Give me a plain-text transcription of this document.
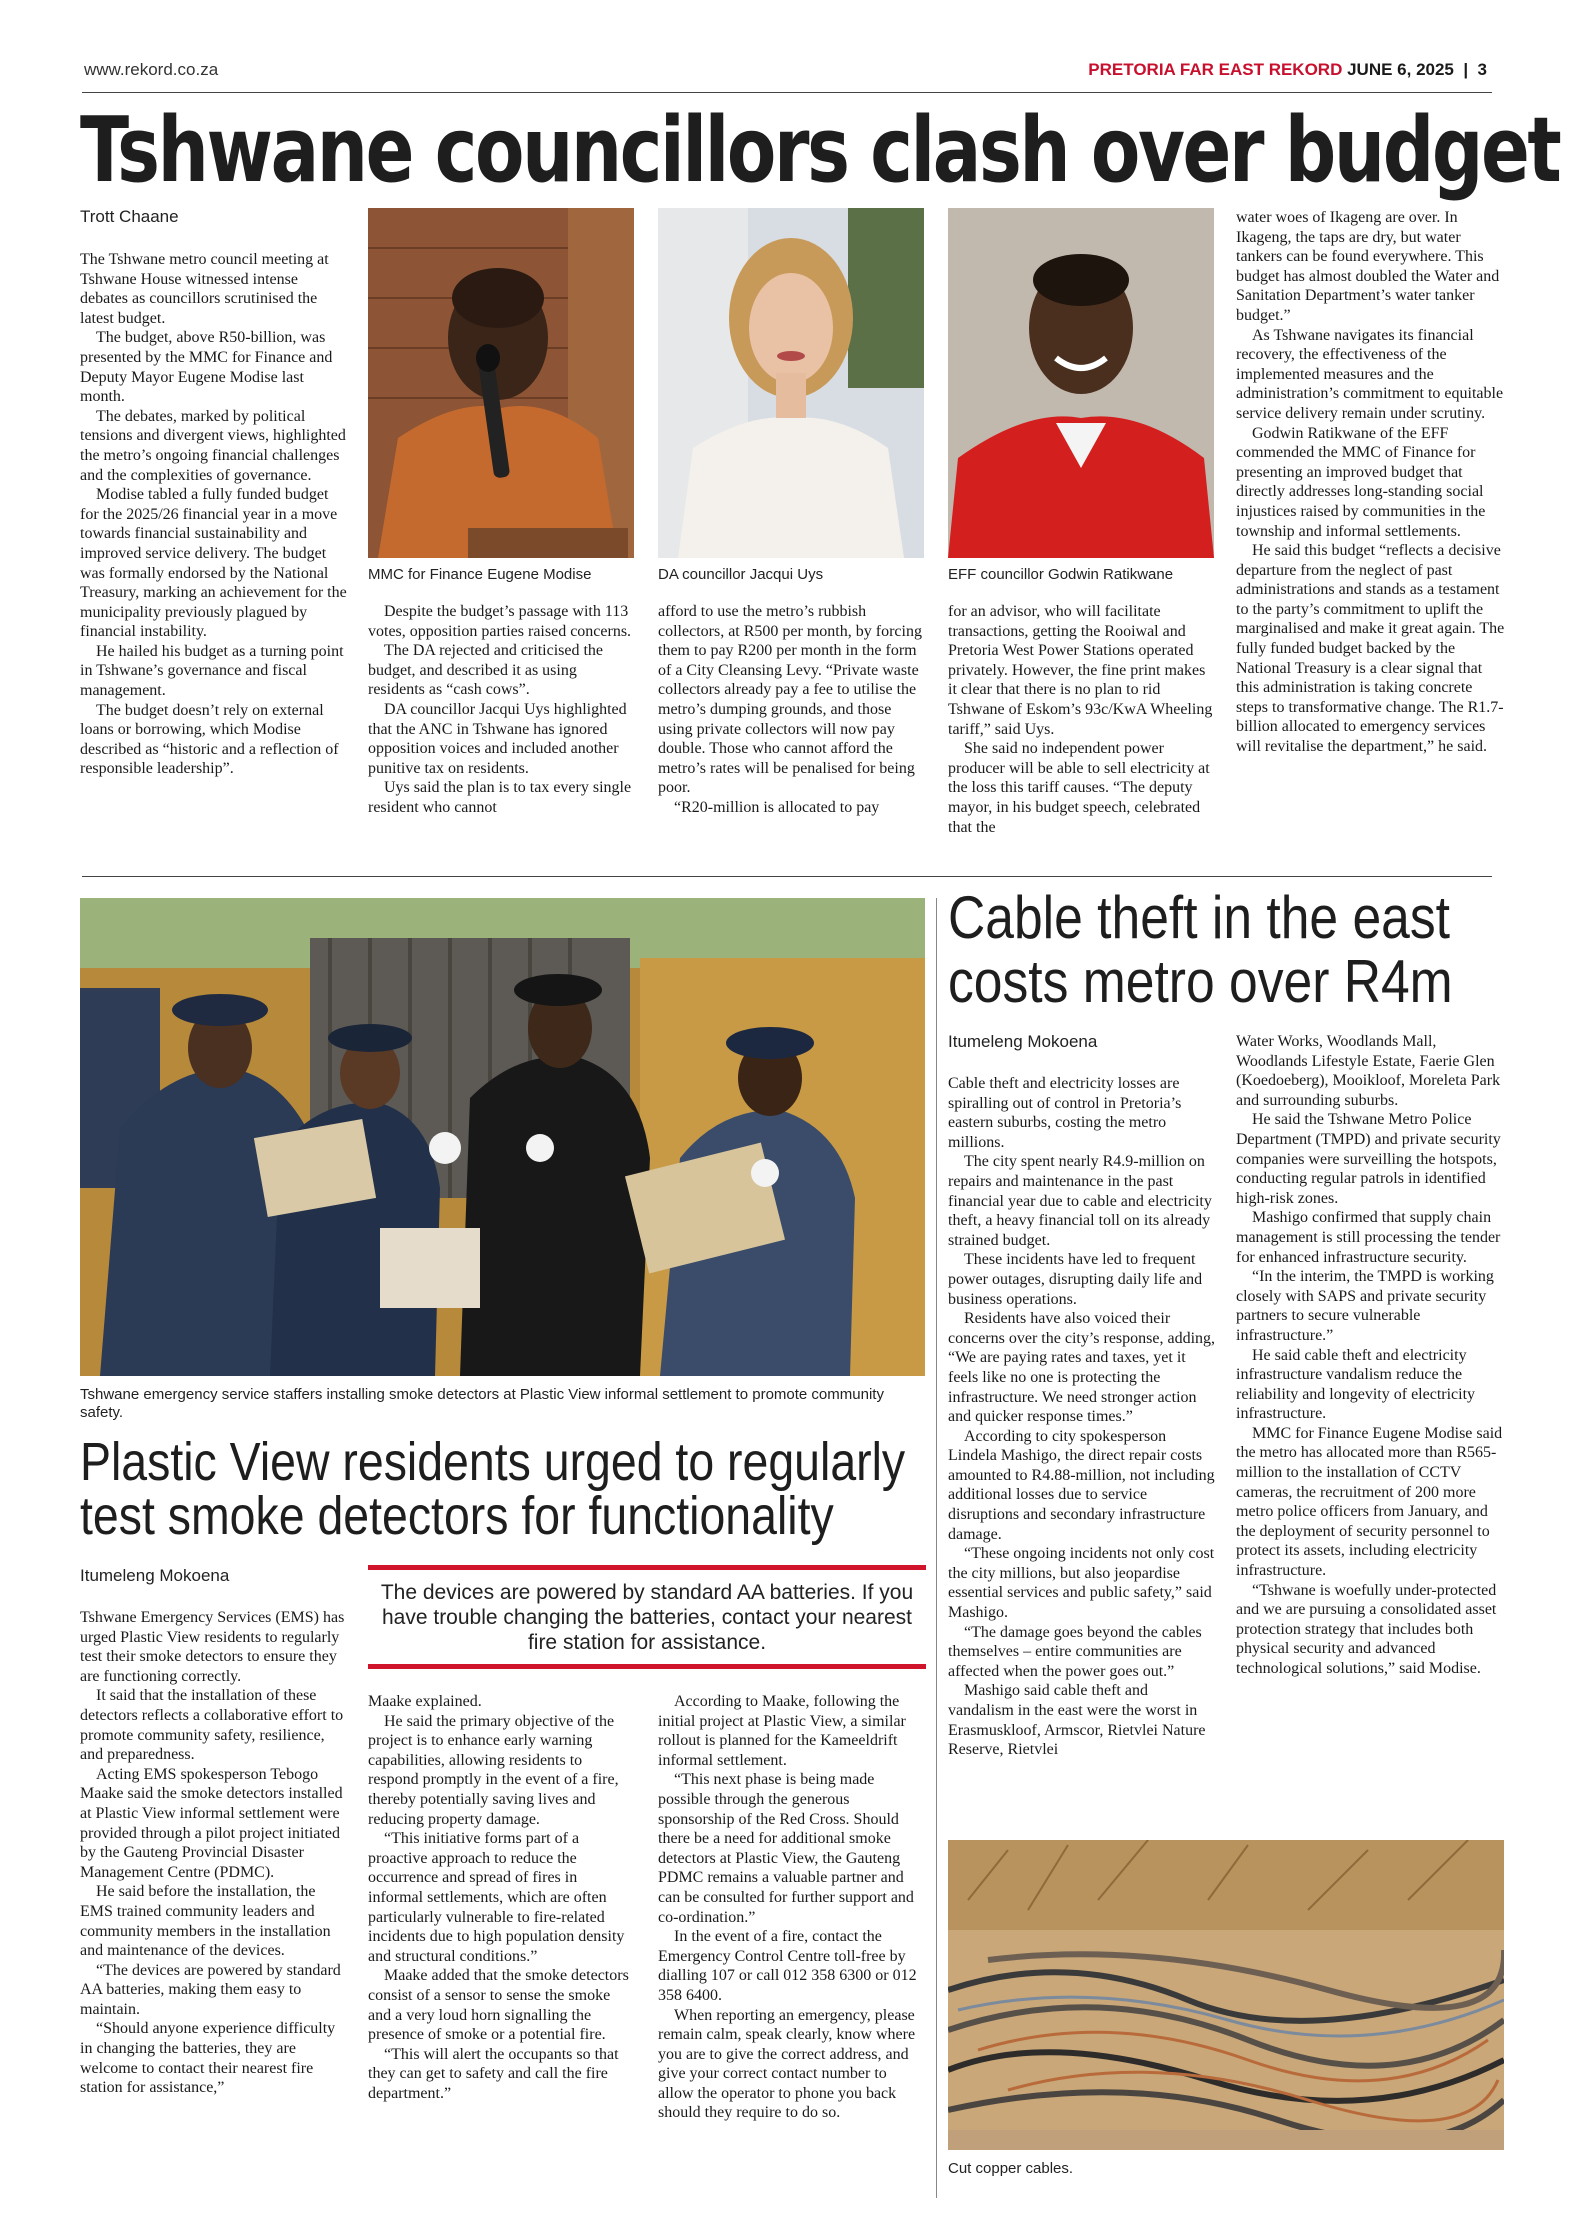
www.rekord.co.za	PRETORIA FAR EAST REKORD JUNE 6, 2025  |  3
Tshwane councillors clash over budget
Trott Chaane

The Tshwane metro council meeting at Tshwane House witnessed intense debates as councillors scrutinised the latest budget.

The budget, above R50-billion, was presented by the MMC for Finance and Deputy Mayor Eugene Modise last month.

The debates, marked by political tensions and divergent views, highlighted the metro’s ongoing financial challenges and the complexities of governance.

Modise tabled a fully funded budget for the 2025/26 financial year in a move towards financial sustainability and improved service delivery. The budget was formally endorsed by the National Treasury, marking an achievement for the municipality previously plagued by financial instability.

He hailed his budget as a turning point in Tshwane’s governance and fiscal management.

The budget doesn’t rely on external loans or borrowing, which Modise described as “historic and a reflection of responsible leadership”.

MMC for Finance Eugene Modise	DA councillor Jacqui Uys	EFF councillor Godwin Ratikwane

Despite the budget’s passage with 113 votes, opposition parties raised concerns.

The DA rejected and criticised the budget, and described it as using residents as “cash cows”.

DA councillor Jacqui Uys highlighted that the ANC in Tshwane has ignored opposition voices and included another punitive tax on residents.

Uys said the plan is to tax every single resident who cannot

afford to use the metro’s rubbish collectors, at R500 per month, by forcing them to pay R200 per month in the form of a City Cleansing Levy. “Private waste collectors already pay a fee to utilise the metro’s dumping grounds, and those using private collectors will now pay double. Those who cannot afford the metro’s rates will be penalised for being poor.

“R20-million is allocated to pay

for an advisor, who will facilitate transactions, getting the Rooiwal and Pretoria West Power Stations operated privately. However, the fine print makes it clear that there is no plan to rid Tshwane of Eskom’s 93c/KwA Wheeling tariff,” said Uys.

She said no independent power producer will be able to sell electricity at the loss this tariff causes. “The deputy mayor, in his budget speech, celebrated that the

water woes of Ikageng are over. In Ikageng, the taps are dry, but water tankers can be found everywhere. This budget has almost doubled the Water and Sanitation Department’s water tanker budget.”

As Tshwane navigates its financial recovery, the effectiveness of the implemented measures and the administration’s commitment to equitable service delivery remain under scrutiny.

Godwin Ratikwane of the EFF commended the MMC of Finance for presenting an improved budget that directly addresses long-standing social injustices raised by communities in the township and informal settlements.

He said this budget “reflects a decisive departure from the neglect of past administrations and stands as a testament to the party’s commitment to uplift the marginalised and make it great again. The fully funded budget backed by the National Treasury is a clear signal that this administration is taking concrete steps to transformative change. The R1.7-billion allocated to emergency services will revitalise the department,” he said.

Tshwane emergency service staffers installing smoke detectors at Plastic View informal settlement to promote community safety.
Plastic View residents urged to regularly
test smoke detectors for functionality
Itumeleng Mokoena

Tshwane Emergency Services (EMS) has urged Plastic View residents to regularly test their smoke detectors to ensure they are functioning correctly.

It said that the installation of these detectors reflects a collaborative effort to promote community safety, resilience, and preparedness.

Acting EMS spokesperson Tebogo Maake said the smoke detectors installed at Plastic View informal settlement were provided through a pilot project initiated by the Gauteng Provincial Disaster Management Centre (PDMC).

He said before the installation, the EMS trained community leaders and community members in the installation and maintenance of the devices.

“The devices are powered by standard AA batteries, making them easy to maintain.

“Should anyone experience difficulty in changing the batteries, they are welcome to contact their nearest fire station for assistance,”

The devices are powered by standard AA batteries. If you have trouble changing the batteries, contact your nearest fire station for assistance.

Maake explained.

He said the primary objective of the project is to enhance early warning capabilities, allowing residents to respond promptly in the event of a fire, thereby potentially saving lives and reducing property damage.

“This initiative forms part of a proactive approach to reduce the occurrence and spread of fires in informal settlements, which are often particularly vulnerable to fire-related incidents due to high population density and structural conditions.”

Maake added that the smoke detectors consist of a sensor to sense the smoke and a very loud horn signalling the presence of smoke or a potential fire.

“This will alert the occupants so that they can get to safety and call the fire department.”

According to Maake, following the initial project at Plastic View, a similar rollout is planned for the Kameeldrift informal settlement.

“This next phase is being made possible through the generous sponsorship of the Red Cross. Should there be a need for additional smoke detectors at Plastic View, the Gauteng PDMC remains a valuable partner and can be consulted for further support and co-ordination.”

In the event of a fire, contact the Emergency Control Centre toll-free by dialling 107 or call 012 358 6300 or 012 358 6400.

When reporting an emergency, please remain calm, speak clearly, know where you are to give the correct address, and give your correct contact number to allow the operator to phone you back should they require to do so.

Cable theft in the east
costs metro over R4m
Itumeleng Mokoena

Cable theft and electricity losses are spiralling out of control in Pretoria’s eastern suburbs, costing the metro millions.

The city spent nearly R4.9-million on repairs and maintenance in the past financial year due to cable and electricity theft, a heavy financial toll on its already strained budget.

These incidents have led to frequent power outages, disrupting daily life and business operations.

Residents have also voiced their concerns over the city’s response, adding, “We are paying rates and taxes, yet it feels like no one is protecting the infrastructure. We need stronger action and quicker response times.”

According to city spokesperson Lindela Mashigo, the direct repair costs amounted to R4.88-million, not including additional losses due to service disruptions and secondary infrastructure damage.

“These ongoing incidents not only cost the city millions, but also jeopardise essential services and public safety,” said Mashigo.

“The damage goes beyond the cables themselves – entire communities are affected when the power goes out.”

Mashigo said cable theft and vandalism in the east were the worst in Erasmuskloof, Armscor, Rietvlei Nature Reserve, Rietvlei

Water Works, Woodlands Mall, Woodlands Lifestyle Estate, Faerie Glen (Koedoeberg), Mooikloof, Moreleta Park and surrounding suburbs.

He said the Tshwane Metro Police Department (TMPD) and private security companies were surveilling the hotspots, conducting regular patrols in identified high-risk zones.

Mashigo confirmed that supply chain management is still processing the tender for enhanced infrastructure security.

“In the interim, the TMPD is working closely with SAPS and private security partners to secure vulnerable infrastructure.”

He said cable theft and electricity infrastructure vandalism reduce the reliability and longevity of electricity infrastructure.

MMC for Finance Eugene Modise said the metro has allocated more than R565-million to the installation of CCTV cameras, the recruitment of 200 more metro police officers from January, and the deployment of security personnel to protect its assets, including electricity infrastructure.

“Tshwane is woefully under-protected and we are pursuing a consolidated asset protection strategy that includes both physical security and advanced technological solutions,” said Modise.

Cut copper cables.
